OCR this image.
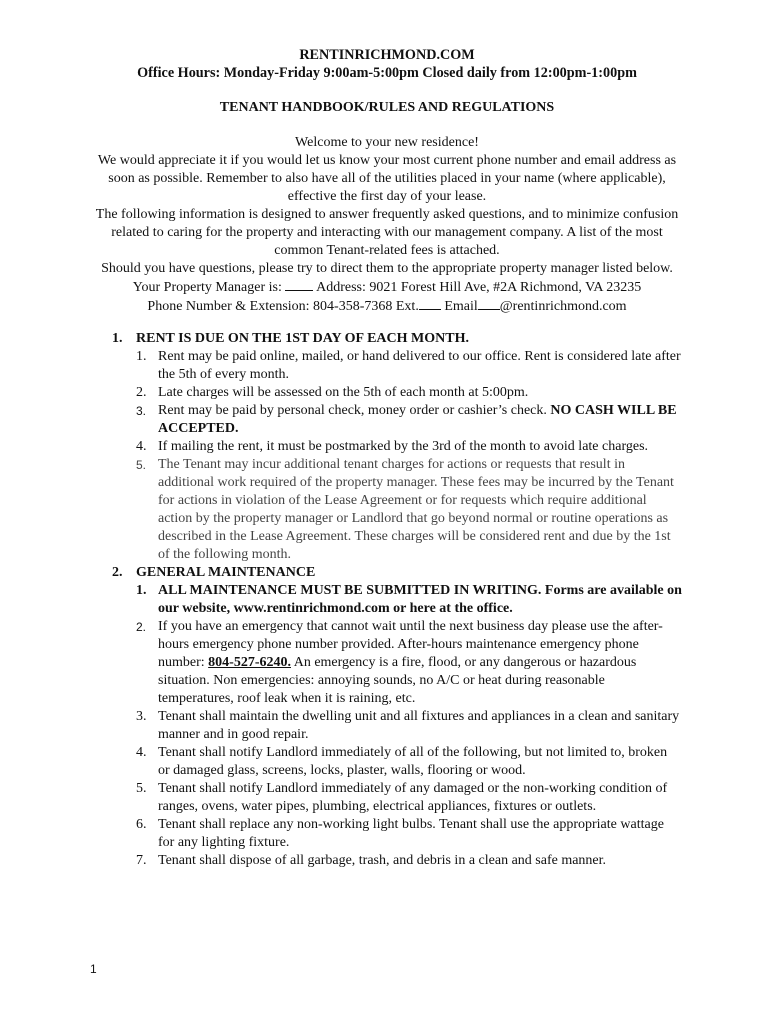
RENTINRICHMOND.COM

Office Hours: Monday-Friday 9:00am-5:00pm Closed daily from 12:00pm-1:00pm

TENANT HANDBOOK/RULES AND REGULATIONS

Welcome to your new residence!

We would appreciate it if you would let us know your most current phone number and email address as soon as possible. Remember to also have all of the utilities placed in your name (where applicable), effective the first day of your lease.

The following information is designed to answer frequently asked questions, and to minimize confusion related to caring for the property and interacting with our management company. A list of the most common Tenant-related fees is attached.

Should you have questions, please try to direct them to the appropriate property manager listed below.

Your Property Manager is: Address: 9021 Forest Hill Ave, #2A Richmond, VA 23235

Phone Number & Extension: 804-358-7368 Ext. Email @rentinrichmond.com

1. RENT IS DUE ON THE 1ST DAY OF EACH MONTH.
1. Rent may be paid online, mailed, or hand delivered to our office. Rent is considered late after the 5th of every month.
2. Late charges will be assessed on the 5th of each month at 5:00pm.
3. Rent may be paid by personal check, money order or cashier’s check. NO CASH WILL BE ACCEPTED.
4. If mailing the rent, it must be postmarked by the 3rd of the month to avoid late charges.
5. The Tenant may incur additional tenant charges for actions or requests that result in additional work required of the property manager. These fees may be incurred by the Tenant for actions in violation of the Lease Agreement or for requests which require additional action by the property manager or Landlord that go beyond normal or routine operations as described in the Lease Agreement. These charges will be considered rent and due by the 1st of the following month.
2. GENERAL MAINTENANCE
1. ALL MAINTENANCE MUST BE SUBMITTED IN WRITING. Forms are available on our website, www.rentinrichmond.com or here at the office.
2. If you have an emergency that cannot wait until the next business day please use the after-hours emergency phone number provided. After-hours maintenance emergency phone number: 804-527-6240. An emergency is a fire, flood, or any dangerous or hazardous situation. Non emergencies: annoying sounds, no A/C or heat during reasonable temperatures, roof leak when it is raining, etc.
3. Tenant shall maintain the dwelling unit and all fixtures and appliances in a clean and sanitary manner and in good repair.
4. Tenant shall notify Landlord immediately of all of the following, but not limited to, broken or damaged glass, screens, locks, plaster, walls, flooring or wood.
5. Tenant shall notify Landlord immediately of any damaged or the non-working condition of ranges, ovens, water pipes, plumbing, electrical appliances, fixtures or outlets.
6. Tenant shall replace any non-working light bulbs. Tenant shall use the appropriate wattage for any lighting fixture.
7. Tenant shall dispose of all garbage, trash, and debris in a clean and safe manner.
1
